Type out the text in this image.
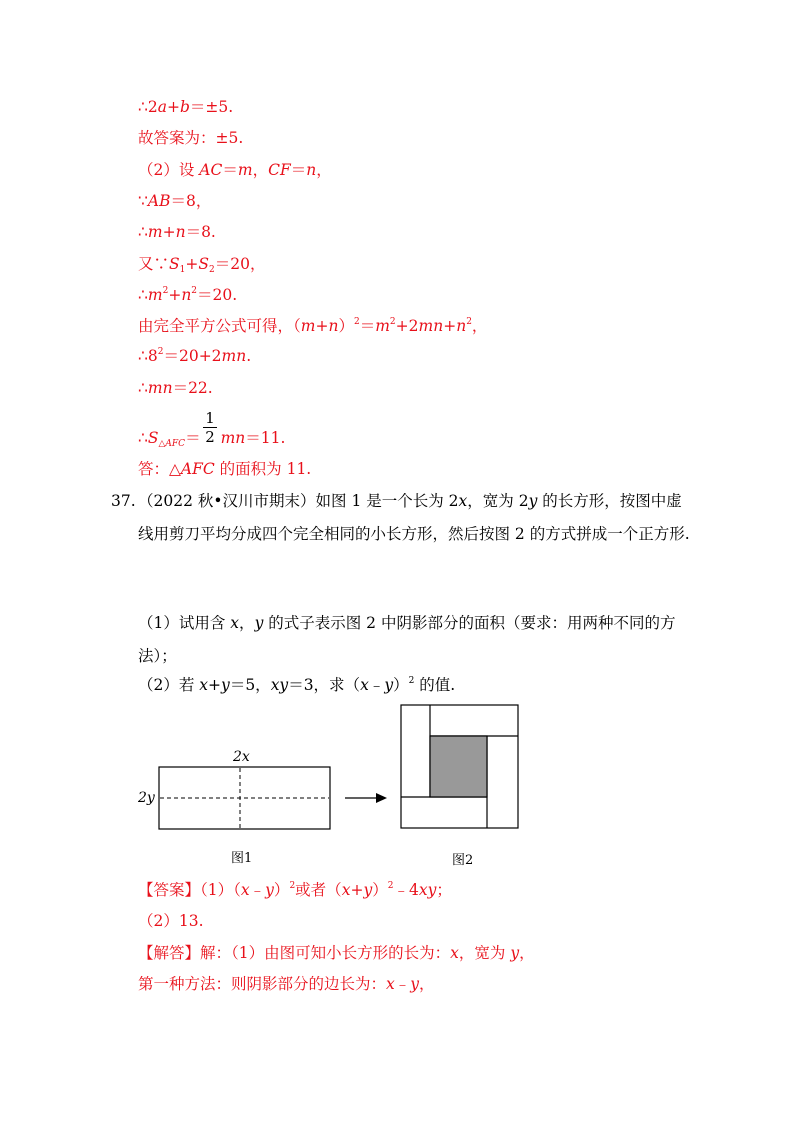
∴2a+b＝±5.
故答案为：±5.
（2）设 AC＝m，CF＝n，
∵AB＝8，
∴m+n＝8.
又$\because S_1+S_2=20$，
$\therefore m^2+n^2=20$.
由完全平方公式可得，$(m+n)^2=m^2+2mn+n^2$，
$\therefore 8^2=20+2mn$.
∴mn＝22.
$\therefore S_{\triangle AFC}= mn=11$.
1
2
答：△AFC 的面积为 11.
37. （2022 秋•汉川市期末）如图 1 是一个长为 2x，宽为 2y 的长方形，按图中虚线用剪刀平均分成四个完全相同的小长方形，然后按图 2 的方式拼成一个正方形.
（1）试用含 x，y 的式子表示图 2 中阴影部分的面积（要求：用两种不同的方法）；
（2）若 x+y＝5，xy＝3，求（x﹣y）$^2$ 的值.
2x
2y
图1	图2
【答案】（1）（x﹣y）$^2$或者$(x+y)^2﹣4xy$；
（2）13.
【解答】解：（1）由图可知小长方形的长为：x，宽为 y，
第一种方法：则阴影部分的边长为：x﹣y，
